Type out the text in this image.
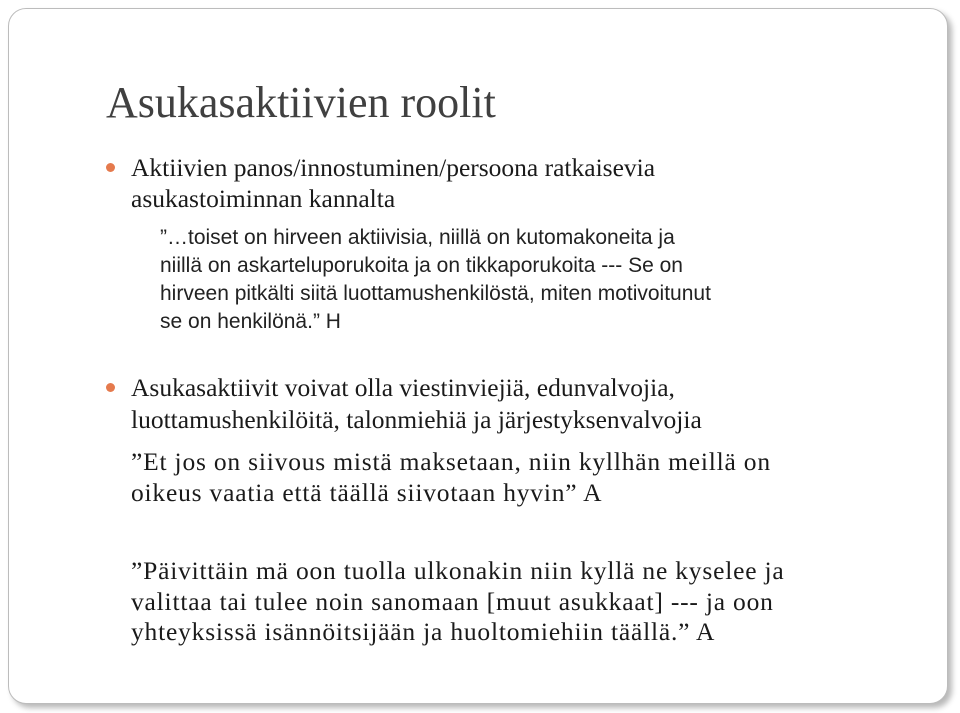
Asukasaktiivien roolit
Aktiivien panos/innostuminen/persoona ratkaisevia
asukastoiminnan kannalta
”…toiset on hirveen aktiivisia, niillä on kutomakoneita ja
niillä on askarteluporukoita ja on tikkaporukoita --- Se on
hirveen pitkälti siitä luottamushenkilöstä, miten motivoitunut
se on henkilönä.” H
Asukasaktiivit voivat olla viestinviejiä, edunvalvojia,
luottamushenkilöitä, talonmiehiä ja järjestyksenvalvojia
”Et jos on siivous mistä maksetaan, niin kyllhän meillä on
oikeus vaatia että täällä siivotaan hyvin” A
”Päivittäin mä oon tuolla ulkonakin niin kyllä ne kyselee ja
valittaa tai tulee noin sanomaan [muut asukkaat] --- ja oon
yhteyksissä isännöitsijään ja huoltomiehiin täällä.” A
